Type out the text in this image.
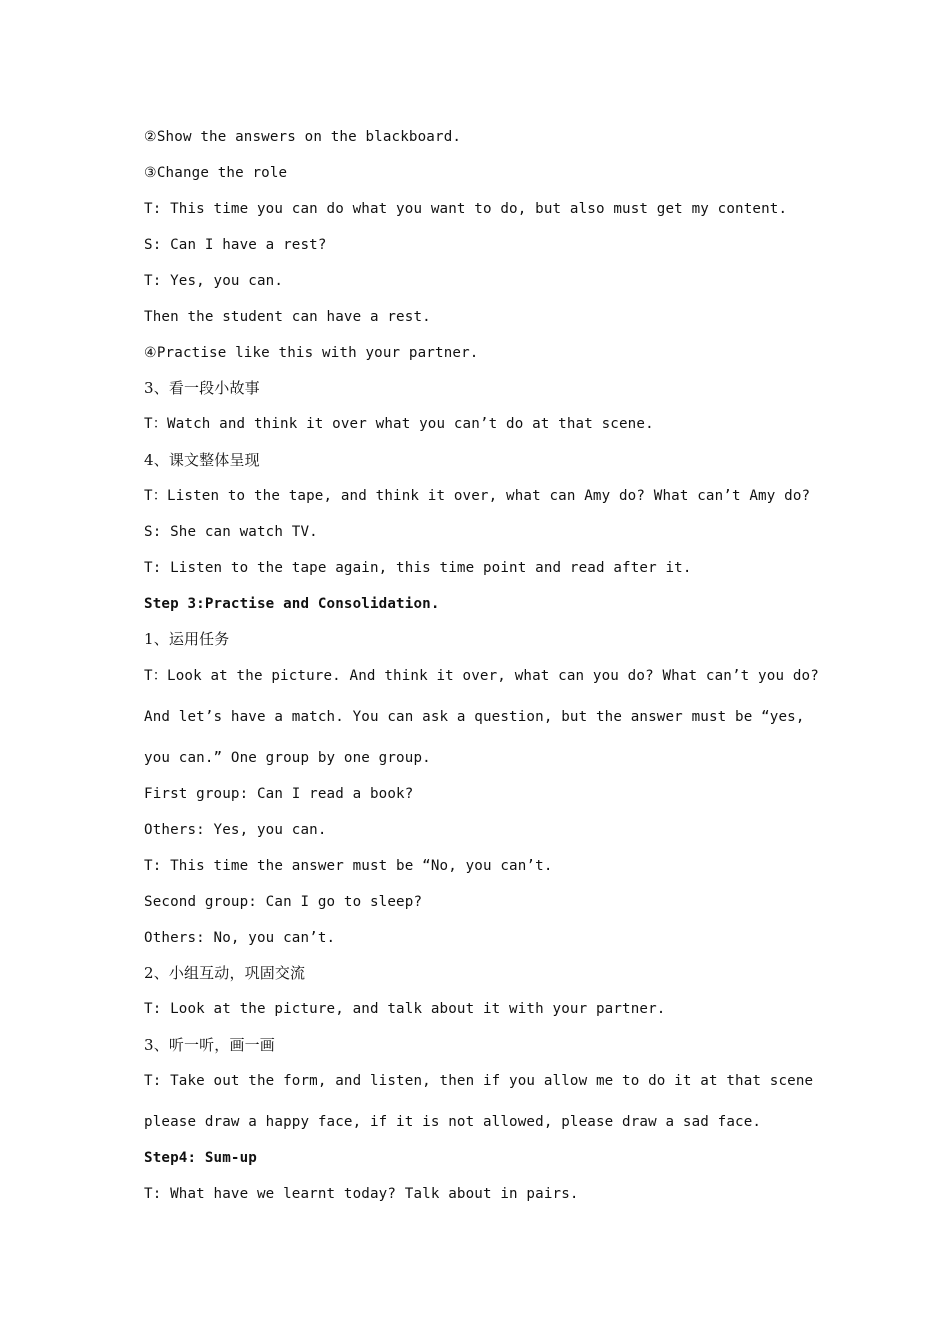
②Show the answers on the blackboard.
③Change the role
T: This time you can do what you want to do, but also must get my content.
S: Can I have a rest?
T: Yes, you can.
Then the student can have a rest.
④Practise like this with your partner.
3、看一段小故事
T：Watch and think it over what you can’t do at that scene.
4、课文整体呈现
T：Listen to the tape, and think it over, what can Amy do? What can’t Amy do?
S: She can watch TV.
T: Listen to the tape again, this time point and read after it.
Step 3:Practise and Consolidation.
1、运用任务
T：Look at the picture. And think it over, what can you do? What can’t you do?
And let’s have a match. You can ask a question, but the answer must be “yes,
you can.” One group by one group.
First group: Can I read a book?
Others: Yes, you can.
T: This time the answer must be “No, you can’t.
Second group: Can I go to sleep?
Others: No, you can’t.
2、小组互动，巩固交流
T: Look at the picture, and talk about it with your partner.
3、听一听，画一画
T: Take out the form, and listen, then if you allow me to do it at that scene
please draw a happy face, if it is not allowed, please draw a sad face.
Step4: Sum-up
T: What have we learnt today? Talk about in pairs.
